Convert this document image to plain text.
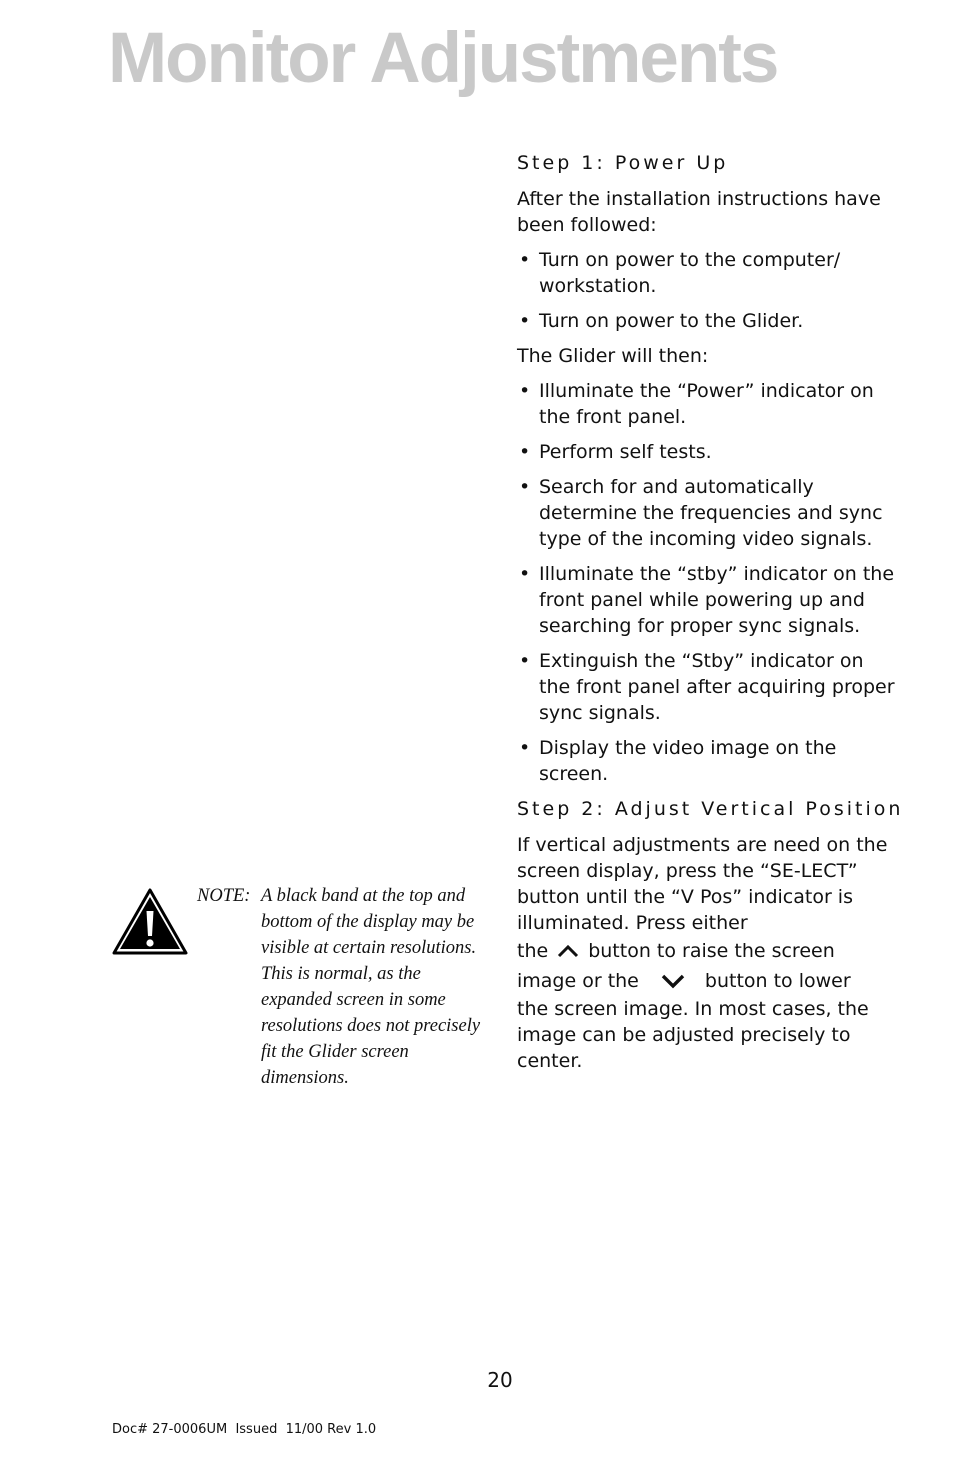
Monitor Adjustments
Step 1: Power Up

After the installation instructions have been followed:

• Turn on power to the computer/ workstation.
• Turn on power to the Glider.

The Glider will then:

• Illuminate the “Power” indicator on the front panel.
• Perform self tests.
• Search for and automatically determine the frequencies and sync type of the incoming video signals.
• Illuminate the “stby” indicator on the front panel while powering up and searching for proper sync signals.
• Extinguish the “Stby” indicator on the front panel after acquiring proper sync signals.
• Display the video image on the screen.
Step 2: Adjust Vertical Position
If vertical adjustments are need on the screen display, press the “SE-LECT” button until the “V Pos” indicator is illuminated. Press either
the button to raise the screen
image or the	button to lower
the screen image. In most cases, the image can be adjusted precisely to center.
NOTE: A black band at the top and bottom of the display may be visible at certain resolutions. This is normal, as the expanded screen in some resolutions does not precisely fit the Glider screen dimensions.
20
Doc# 27-0006UM  Issued  11/00 Rev 1.0
